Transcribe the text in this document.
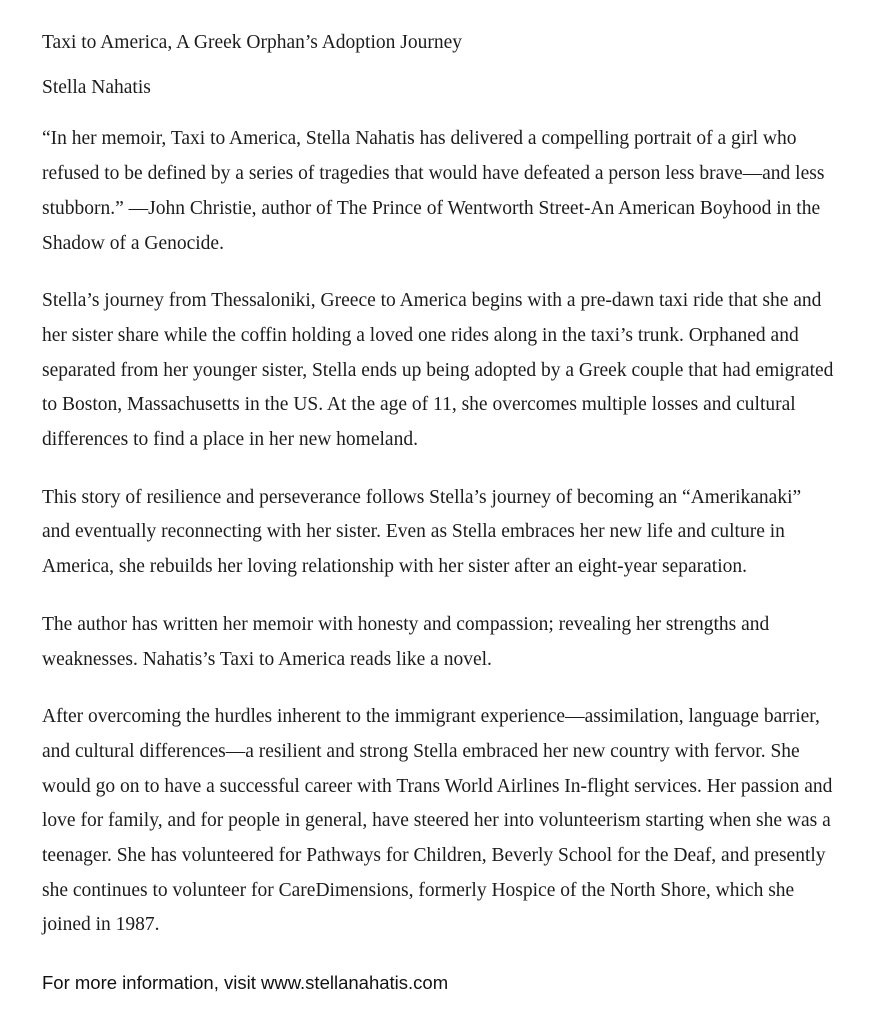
Taxi to America, A Greek Orphan’s Adoption Journey
Stella Nahatis
“In her memoir, Taxi to America, Stella Nahatis has delivered a compelling portrait of a girl who refused to be defined by a series of tragedies that would have defeated a person less brave—and less stubborn.” —John Christie, author of The Prince of Wentworth Street-An American Boyhood in the Shadow of a Genocide.
Stella’s journey from Thessaloniki, Greece to America begins with a pre-dawn taxi ride that she and her sister share while the coffin holding a loved one rides along in the taxi’s trunk. Orphaned and separated from her younger sister, Stella ends up being adopted by a Greek couple that had emigrated to Boston, Massachusetts in the US. At the age of 11, she overcomes multiple losses and cultural differences to find a place in her new homeland.
This story of resilience and perseverance follows Stella’s journey of becoming an “Amerikanaki” and eventually reconnecting with her sister. Even as Stella embraces her new life and culture in America, she rebuilds her loving relationship with her sister after an eight-year separation.
The author has written her memoir with honesty and compassion; revealing her strengths and weaknesses. Nahatis’s Taxi to America reads like a novel.
After overcoming the hurdles inherent to the immigrant experience—assimilation, language barrier, and cultural differences—a resilient and strong Stella embraced her new country with fervor. She would go on to have a successful career with Trans World Airlines In-flight services. Her passion and love for family, and for people in general, have steered her into volunteerism starting when she was a teenager. She has volunteered for Pathways for Children, Beverly School for the Deaf, and presently she continues to volunteer for CareDimensions, formerly Hospice of the North Shore, which she joined in 1987.
For more information, visit www.stellanahatis.com
